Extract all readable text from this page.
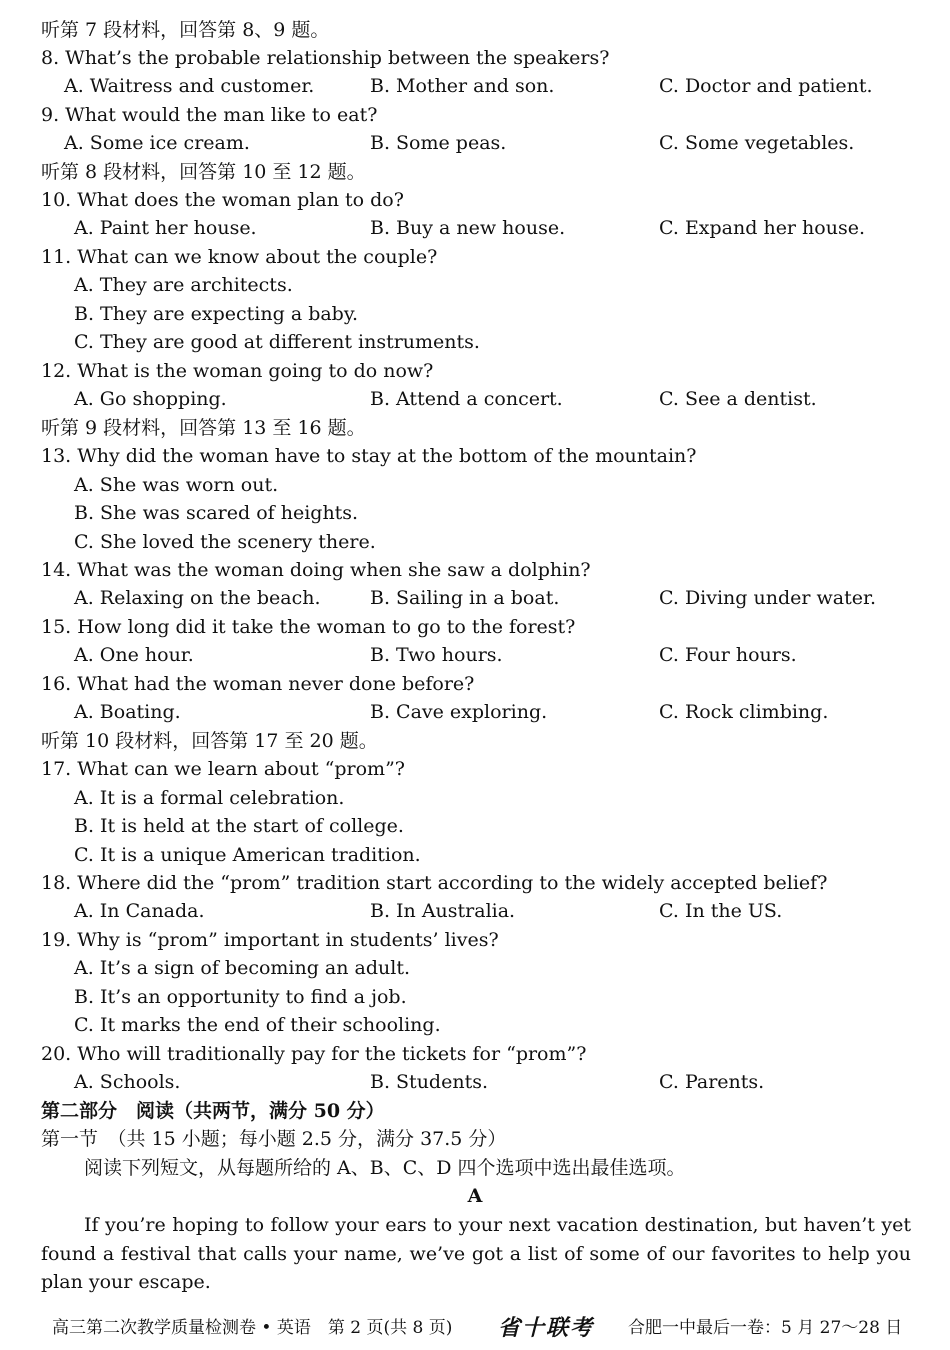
听第 7 段材料，回答第 8、9 题。
8. What’s the probable relationship between the speakers?
A. Waitress and customer.	B. Mother and son.	C. Doctor and patient.
9. What would the man like to eat?
A. Some ice cream.	B. Some peas.	C. Some vegetables.
听第 8 段材料，回答第 10 至 12 题。
10. What does the woman plan to do?
A. Paint her house.	B. Buy a new house.	C. Expand her house.
11. What can we know about the couple?
A. They are architects.
B. They are expecting a baby.
C. They are good at different instruments.
12. What is the woman going to do now?
A. Go shopping.	B. Attend a concert.	C. See a dentist.
听第 9 段材料，回答第 13 至 16 题。
13. Why did the woman have to stay at the bottom of the mountain?
A. She was worn out.
B. She was scared of heights.
C. She loved the scenery there.
14. What was the woman doing when she saw a dolphin?
A. Relaxing on the beach.	B. Sailing in a boat.	C. Diving under water.
15. How long did it take the woman to go to the forest?
A. One hour.	B. Two hours.	C. Four hours.
16. What had the woman never done before?
A. Boating.	B. Cave exploring.	C. Rock climbing.
听第 10 段材料，回答第 17 至 20 题。
17. What can we learn about “prom”?
A. It is a formal celebration.
B. It is held at the start of college.
C. It is a unique American tradition.
18. Where did the “prom” tradition start according to the widely accepted belief?
A. In Canada.	B. In Australia.	C. In the US.
19. Why is “prom” important in students’ lives?
A. It’s a sign of becoming an adult.
B. It’s an opportunity to find a job.
C. It marks the end of their schooling.
20. Who will traditionally pay for the tickets for “prom”?
A. Schools.	B. Students.	C. Parents.
第二部分　阅读（共两节，满分 50 分）
第一节　（共 15 小题；每小题 2.5 分，满分 37.5 分）
阅读下列短文，从每题所给的 A、B、C、D 四个选项中选出最佳选项。
A
If you’re hoping to follow your ears to your next vacation destination, but haven’t yet found a festival that calls your name, we’ve got a list of some of our favorites to help you plan your escape.
高三第二次教学质量检测卷 • 英语　第 2 页(共 8 页) 省十联考 合肥一中最后一卷：5 月 27～28 日
